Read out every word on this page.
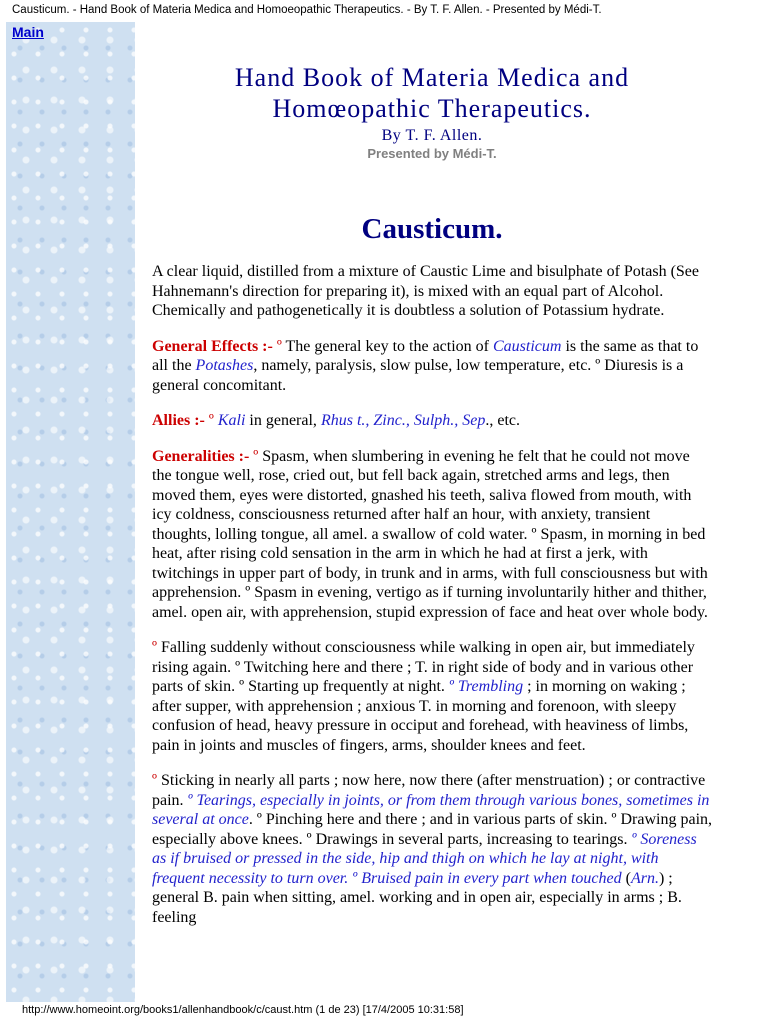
Causticum. - Hand Book of Materia Medica and Homoeopathic Therapeutics. - By T. F. Allen. - Presented by Médi-T.
Main
Hand Book of Materia Medica and
Homœopathic Therapeutics.
By T. F. Allen.
Presented by Médi-T.
Causticum.

A clear liquid, distilled from a mixture of Caustic Lime and bisulphate of Potash (See Hahnemann's direction for preparing it), is mixed with an equal part of Alcohol. Chemically and pathogenetically it is doubtless a solution of Potassium hydrate.

General Effects :- º The general key to the action of Causticum is the same as that to all the Potashes, namely, paralysis, slow pulse, low temperature, etc. º Diuresis is a general concomitant.

Allies :- º Kali in general, Rhus t., Zinc., Sulph., Sep., etc.

Generalities :- º Spasm, when slumbering in evening he felt that he could not move the tongue well, rose, cried out, but fell back again, stretched arms and legs, then moved them, eyes were distorted, gnashed his teeth, saliva flowed from mouth, with icy coldness, consciousness returned after half an hour, with anxiety, transient thoughts, lolling tongue, all amel. a swallow of cold water. º Spasm, in morning in bed heat, after rising cold sensation in the arm in which he had at first a jerk, with twitchings in upper part of body, in trunk and in arms, with full consciousness but with apprehension. º Spasm in evening, vertigo as if turning involuntarily hither and thither, amel. open air, with apprehension, stupid expression of face and heat over whole body.

º Falling suddenly without consciousness while walking in open air, but immediately rising again. º Twitching here and there ; T. in right side of body and in various other parts of skin. º Starting up frequently at night. º Trembling ; in morning on waking ; after supper, with apprehension ; anxious T. in morning and forenoon, with sleepy confusion of head, heavy pressure in occiput and forehead, with heaviness of limbs, pain in joints and muscles of fingers, arms, shoulder knees and feet.

º Sticking in nearly all parts ; now here, now there (after menstruation) ; or contractive pain. º Tearings, especially in joints, or from them through various bones, sometimes in several at once. º Pinching here and there ; and in various parts of skin. º Drawing pain, especially above knees. º Drawings in several parts, increasing to tearings. º Soreness as if bruised or pressed in the side, hip and thigh on which he lay at night, with frequent necessity to turn over. º Bruised pain in every part when touched (Arn.) ; general B. pain when sitting, amel. working and in open air, especially in arms ; B. feeling

http://www.homeoint.org/books1/allenhandbook/c/caust.htm (1 de 23) [17/4/2005 10:31:58]
